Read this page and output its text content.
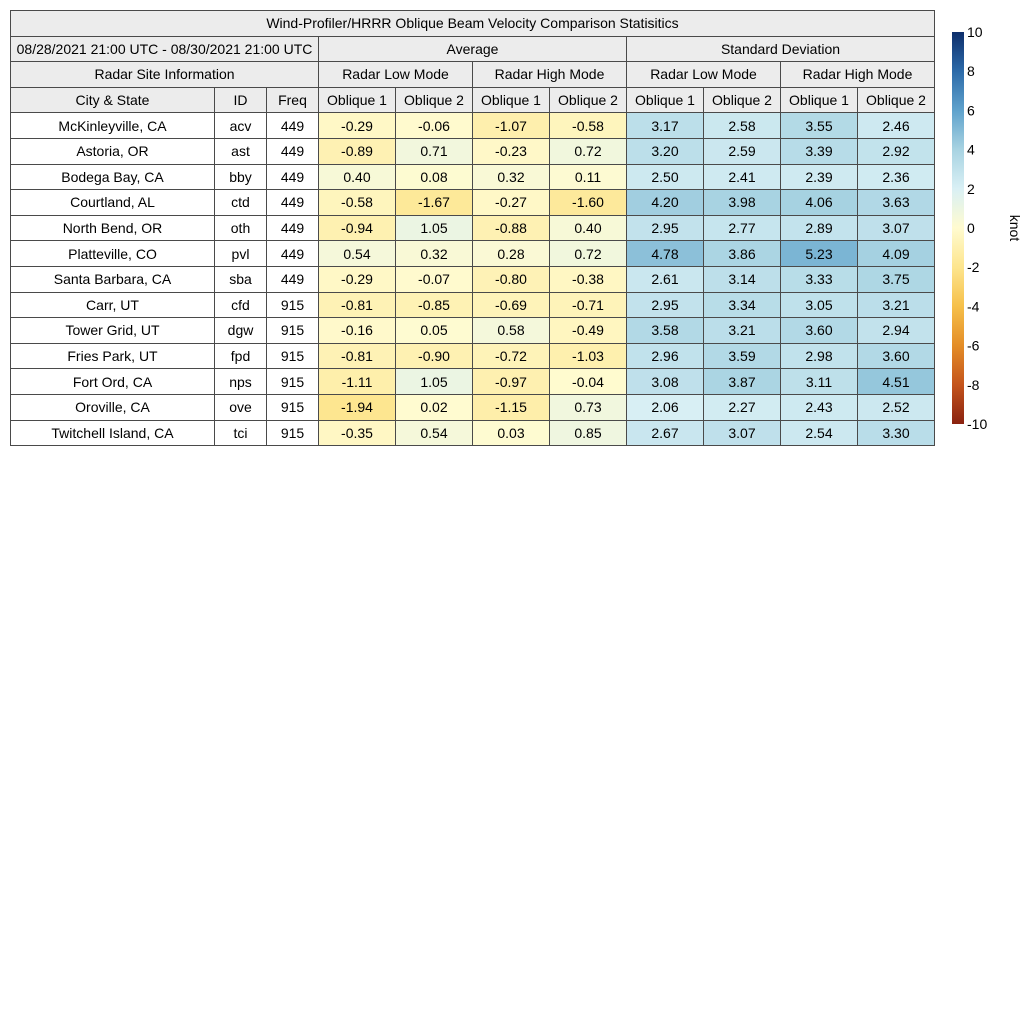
Wind-Profiler/HRRR Oblique Beam Velocity Comparison Statisitics										
08/28/2021 21:00 UTC - 08/30/2021 21:00 UTC			Average				Standard Deviation			
Radar Site Information			Radar Low Mode		Radar High Mode		Radar Low Mode		Radar High Mode	
City & State	ID	Freq	Oblique 1	Oblique 2	Oblique 1	Oblique 2	Oblique 1	Oblique 2	Oblique 1	Oblique 2
McKinleyville, CA	acv	449	-0.29	-0.06	-1.07	-0.58	3.17	2.58	3.55	2.46
Astoria, OR	ast	449	-0.89	0.71	-0.23	0.72	3.20	2.59	3.39	2.92
Bodega Bay, CA	bby	449	0.40	0.08	0.32	0.11	2.50	2.41	2.39	2.36
Courtland, AL	ctd	449	-0.58	-1.67	-0.27	-1.60	4.20	3.98	4.06	3.63
North Bend, OR	oth	449	-0.94	1.05	-0.88	0.40	2.95	2.77	2.89	3.07
Platteville, CO	pvl	449	0.54	0.32	0.28	0.72	4.78	3.86	5.23	4.09
Santa Barbara, CA	sba	449	-0.29	-0.07	-0.80	-0.38	2.61	3.14	3.33	3.75
Carr, UT	cfd	915	-0.81	-0.85	-0.69	-0.71	2.95	3.34	3.05	3.21
Tower Grid, UT	dgw	915	-0.16	0.05	0.58	-0.49	3.58	3.21	3.60	2.94
Fries Park, UT	fpd	915	-0.81	-0.90	-0.72	-1.03	2.96	3.59	2.98	3.60
Fort Ord, CA	nps	915	-1.11	1.05	-0.97	-0.04	3.08	3.87	3.11	4.51
Oroville, CA	ove	915	-1.94	0.02	-1.15	0.73	2.06	2.27	2.43	2.52
Twitchell Island, CA	tci	915	-0.35	0.54	0.03	0.85	2.67	3.07	2.54	3.30
10
8
6
4
2
0
-2
-4
-6
-8
-10
knot
